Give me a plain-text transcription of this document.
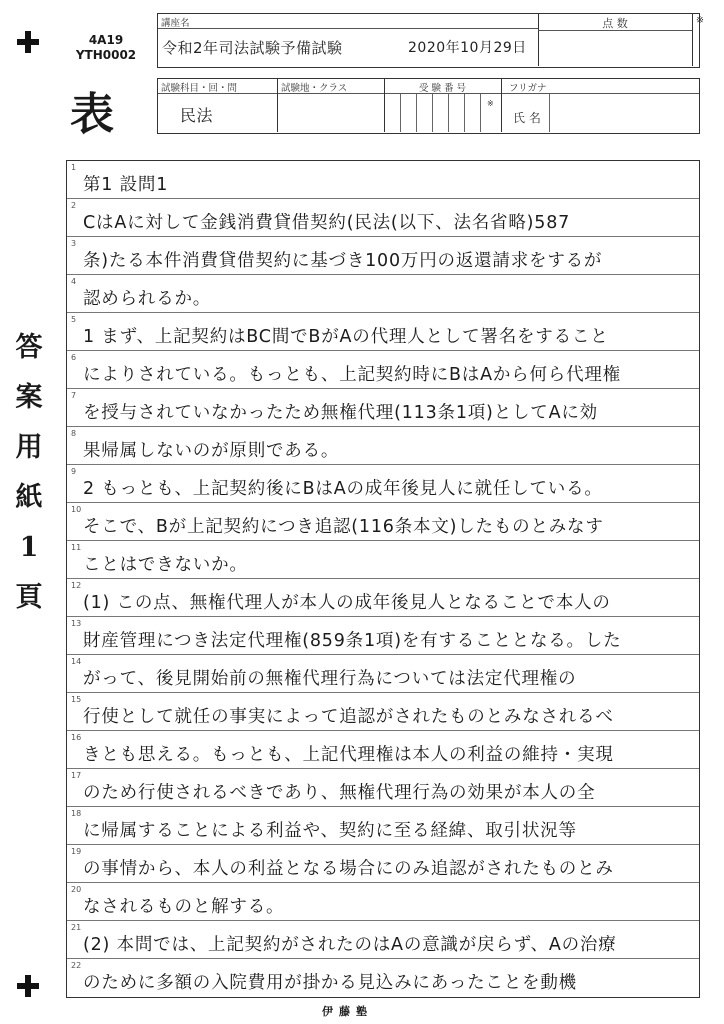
4A19
YTH0002
表
講座名
令和2年司法試験予備試験	2020年10月29日
点 数	※
試験科目・回・問
民法
試験地・クラス	受 験 番 号
※
フリガナ
氏 名
答
案
用
紙
1
頁
1
第1 設問1
2
CはAに対して金銭消費貸借契約(民法(以下、法名省略)587
3
条)たる本件消費貸借契約に基づき100万円の返還請求をするが
4
認められるか。
5
1 まず、上記契約はBC間でBがAの代理人として署名をすること
6
によりされている。もっとも、上記契約時にBはAから何ら代理権
7
を授与されていなかったため無権代理(113条1項)としてAに効
8
果帰属しないのが原則である。
9
2 もっとも、上記契約後にBはAの成年後見人に就任している。
10
そこで、Bが上記契約につき追認(116条本文)したものとみなす
11
ことはできないか。
12
(1) この点、無権代理人が本人の成年後見人となることで本人の
13
財産管理につき法定代理権(859条1項)を有することとなる。した
14
がって、後見開始前の無権代理行為については法定代理権の
15
行使として就任の事実によって追認がされたものとみなされるべ
16
きとも思える。もっとも、上記代理権は本人の利益の維持・実現
17
のため行使されるべきであり、無権代理行為の効果が本人の全
18
に帰属することによる利益や、契約に至る経緯、取引状況等
19
の事情から、本人の利益となる場合にのみ追認がされたものとみ
20
なされるものと解する。
21
(2) 本問では、上記契約がされたのはAの意識が戻らず、Aの治療
22
のために多額の入院費用が掛かる見込みにあったことを動機
伊藤塾
